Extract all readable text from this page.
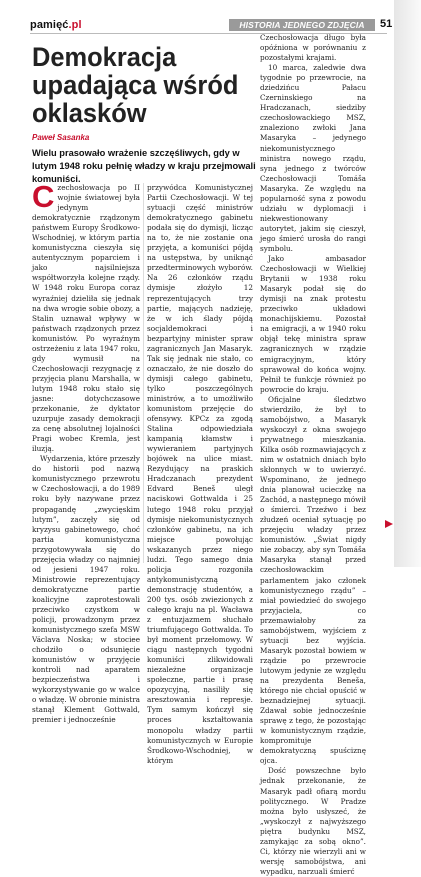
pamięć.pl	HISTORIA JEDNEGO ZDJĘCIA	51
Demokracja upadająca wśród oklasków
Paweł Sasanka

Wielu prasowało wrażenie szczęśliwych, gdy w lutym 1948 roku pełnię władzy w kraju przejmowali komuniści.

Czechosłowacja po II wojnie światowej była jedynym demokratycznie rządzonym państwem Europy Środkowo-Wschodniej, w którym partia komunistyczna cieszyła się autentycznym poparciem i jako najsilniejsza współtworzyła kolejne rządy. W 1948 roku Europa coraz wyraźniej dzieliła się jednak na dwa wrogie sobie obozy, a Stalin uznawał wpływy w państwach rządzonych przez komunistów. Po wyraźnym ostrzeżeniu z lata 1947 roku, gdy wymusił na Czechosłowacji rezygnację z przyjęcia planu Marshalla, w lutym 1948 roku stało się jasne: dotychczasowe przekonanie, że dyktator uzurpuje zasady demokracji za cenę absolutnej lojalności Pragi wobec Kremla, jest iluzją.

Wydarzenia, które przeszły do historii pod nazwą komunistycznego przewrotu w Czechosłowacji, a do 1989 roku były nazywane przez propagandę „zwycięskim lutym”, zaczęły się od kryzysu gabinetowego, choć partia komunistyczna przygotowywała się do przejęcia władzy co najmniej od jesieni 1947 roku. Ministrowie reprezentujący demokratyczne partie koalicyjne zaprotestowali przeciwko czystkom w policji, prowadzonym przez komunistycznego szefa MSW Václava Noska; w stociee chodziło o odsunięcie komunistów w przyjęcie kontroli nad aparatem bezpieczeństwa i wykorzystywanie go w walce o władzę. W obronie ministra stanął Klement Gottwald, premier i jednocześnie

przywódca Komunistycznej Partii Czechosłowacji. W tej sytuacji część ministrów demokratycznego gabinetu podała się do dymisji, licząc na to, że nie zostanie ona przyjęta, a komuniści pójdą na ustępstwa, by uniknąć przedterminowych wyborów. Na 26 członków rządu dymisje złożyło 12 reprezentujących trzy partie, mających nadzieję, że w ich ślady pójdą socjaldemokraci i bezpartyjny minister spraw zagranicznych Jan Masaryk. Tak się jednak nie stało, co oznaczało, że nie doszło do dymisji całego gabinetu, tylko poszczególnych ministrów, a to umożliwiło komunistom przejęcie do ofensywy. KPCz za zgodą Stalina odpowiedziała kampanią kłamstw i wywieraniem partyjnych bojówek na ulice miast. Rezydujący na praskich Hradczanach prezydent Edvard Beneš uległ naciskowi Gottwalda i 25 lutego 1948 roku przyjął dymisje niekomunistycznych członków gabinetu, na ich miejsce powołując wskazanych przez niego ludzi. Tego samego dnia policja rozgoniła antykomunistyczną demonstrację studentów, a 200 tys. osób zwiezionych z całego kraju na pl. Wacława z entuzjazmem słuchało triumfującego Gottwalda. To był moment przełomowy. W ciągu następnych tygodni komuniści zlikwidowali niezależne organizacje społeczne, partie i prasę opozycyjną, nasiliły się aresztowania i represje. Tym samym kończył się proces kształtowania monopolu władzy partii komunistycznych w Europie Środkowo-Wschodniej, w którym

Czechosłowacja długo była opóźniona w porównaniu z pozostałymi krajami.

10 marca, zaledwie dwa tygodnie po przewrocie, na dziedzińcu Pałacu Czerninskiego na Hradczanach, siedziby czechosłowackiego MSZ, znaleziono zwłoki Jana Masaryka – jedynego niekomunistycznego ministra nowego rządu, syna jednego z twórców Czechosłowacji Tomáša Masaryka. Ze względu na popularność syna z powodu udziału w dyplomacji i niekwestionowany autorytet, jakim się cieszył, jego śmierć urosła do rangi symbolu.

Jako ambasador Czechosłowacji w Wielkiej Brytanii w 1938 roku Masaryk podał się do dymisji na znak protestu przeciwko układowi monachijskiemu. Pozostał na emigracji, a w 1940 roku objął tekę ministra spraw zagranicznych w rządzie emigracyjnym, który sprawował do końca wojny. Pełnił te funkcje również po powrocie do kraju.

Oficjalne śledztwo stwierdziło, że był to samobójstwo, a Masaryk wyskoczył z okna swojego prywatnego mieszkania. Kilka osób rozmawiających z nim w ostatnich dniach było skłonnych w to uwierzyć. Wspominano, że jednego dnia planował ucieczkę na Zachód, a następnego mówił o śmierci. Trzeźwo i bez złudzeń oceniał sytuację po przejęciu władzy przez komunistów. „Świat nigdy nie zobaczy, aby syn Tomáša Masaryka stanął przed czechosłowackim parlamentem jako członek komunistycznego rządu” – miał powiedzieć do swojego przyjaciela, co przemawiałoby za samobójstwem, wyjściem z sytuacji bez wyjścia. Masaryk pozostał bowiem w rządzie po przewrocie lutowym jedynie ze względu na prezydenta Beneša, którego nie chciał opuścić w beznadziejnej sytuacji. Zdawał sobie jednocześnie sprawę z tego, że pozostając w komunistycznym rządzie, kompromituje demokratyczną spuściznę ojca.

Dość powszechne było jednak przekonanie, że Masaryk padł ofiarą mordu politycznego. W Pradze można było usłyszeć, że „wyskoczył z najwyższego piętra budynku MSZ, zamykając za sobą okno”. Ci, którzy nie wierzyli ani w wersję samobójstwa, ani wypadku, narzuali śmierć
